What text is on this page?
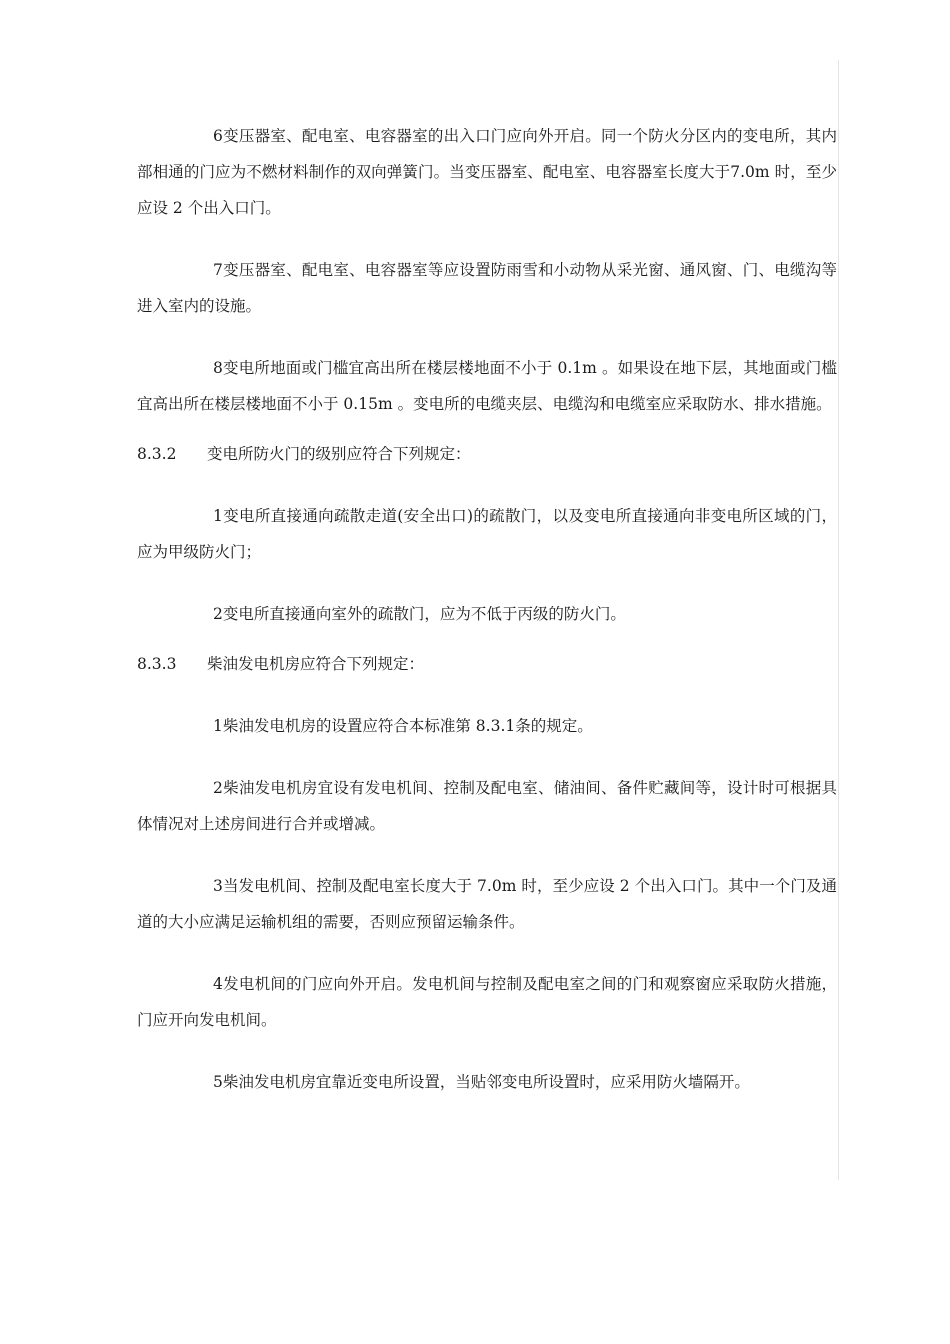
6变压器室、配电室、电容器室的出入口门应向外开启。同一个防火分区内的变电所，其内部相通的门应为不燃材料制作的双向弹簧门。当变压器室、配电室、电容器室长度大于7.0m 时，至少应设 2 个出入口门。

7变压器室、配电室、电容器室等应设置防雨雪和小动物从采光窗、通风窗、门、电缆沟等进入室内的设施。

8变电所地面或门槛宜高出所在楼层楼地面不小于 0.1m 。如果设在地下层，其地面或门槛宜高出所在楼层楼地面不小于 0.15m 。变电所的电缆夹层、电缆沟和电缆室应采取防水、排水措施。

8.3.2 变电所防火门的级别应符合下列规定：

1变电所直接通向疏散走道(安全出口)的疏散门，以及变电所直接通向非变电所区域的门，应为甲级防火门；

2变电所直接通向室外的疏散门，应为不低于丙级的防火门。

8.3.3 柴油发电机房应符合下列规定：

1柴油发电机房的设置应符合本标准第 8.3.1条的规定。

2柴油发电机房宜设有发电机间、控制及配电室、储油间、备件贮藏间等，设计时可根据具体情况对上述房间进行合并或增减。

3当发电机间、控制及配电室长度大于 7.0m 时，至少应设 2 个出入口门。其中一个门及通道的大小应满足运输机组的需要，否则应预留运输条件。

4发电机间的门应向外开启。发电机间与控制及配电室之间的门和观察窗应采取防火措施，门应开向发电机间。

5柴油发电机房宜靠近变电所设置，当贴邻变电所设置时，应采用防火墙隔开。
